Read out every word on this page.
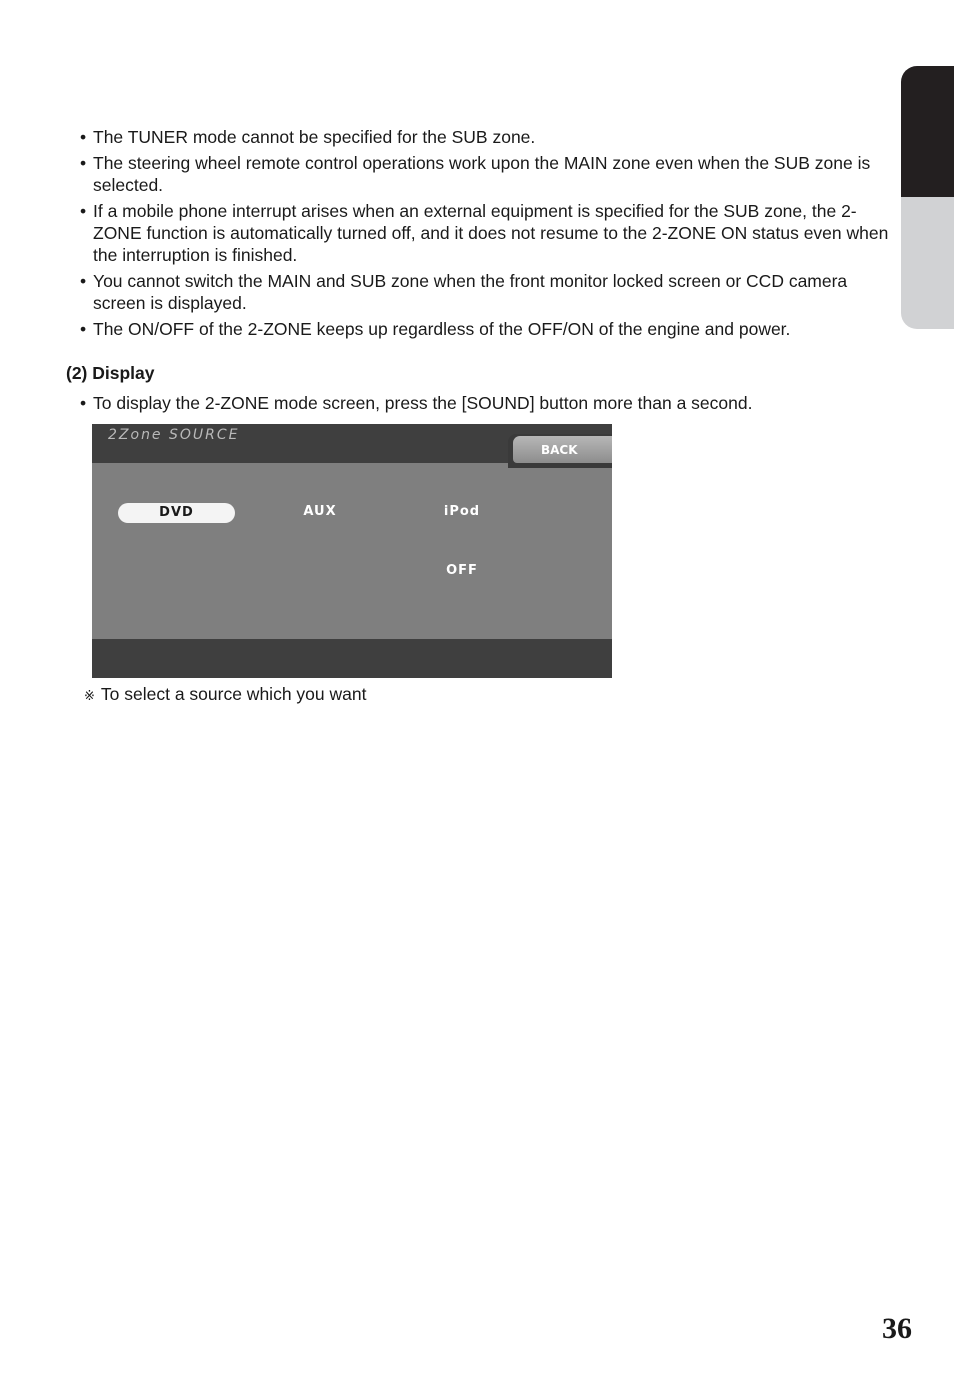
• The TUNER mode cannot be specified for the SUB zone.
• The steering wheel remote control operations work upon the MAIN zone even when the SUB zone is selected.
• If a mobile phone interrupt arises when an external equipment is specified for the SUB zone, the 2-ZONE function is automatically turned off, and it does not resume to the 2-ZONE ON status even when the interruption is finished.
• You cannot switch the MAIN and SUB zone when the front monitor locked screen or CCD camera screen is displayed.
• The ON/OFF of the 2-ZONE keeps up regardless of the OFF/ON of the engine and power.
(2) Display
• To display the 2-ZONE mode screen, press the [SOUND] button more than a second.
2Zone SOURCE
BACK
DVD	AUX	iPod
OFF
※ To select a source which you want
36
